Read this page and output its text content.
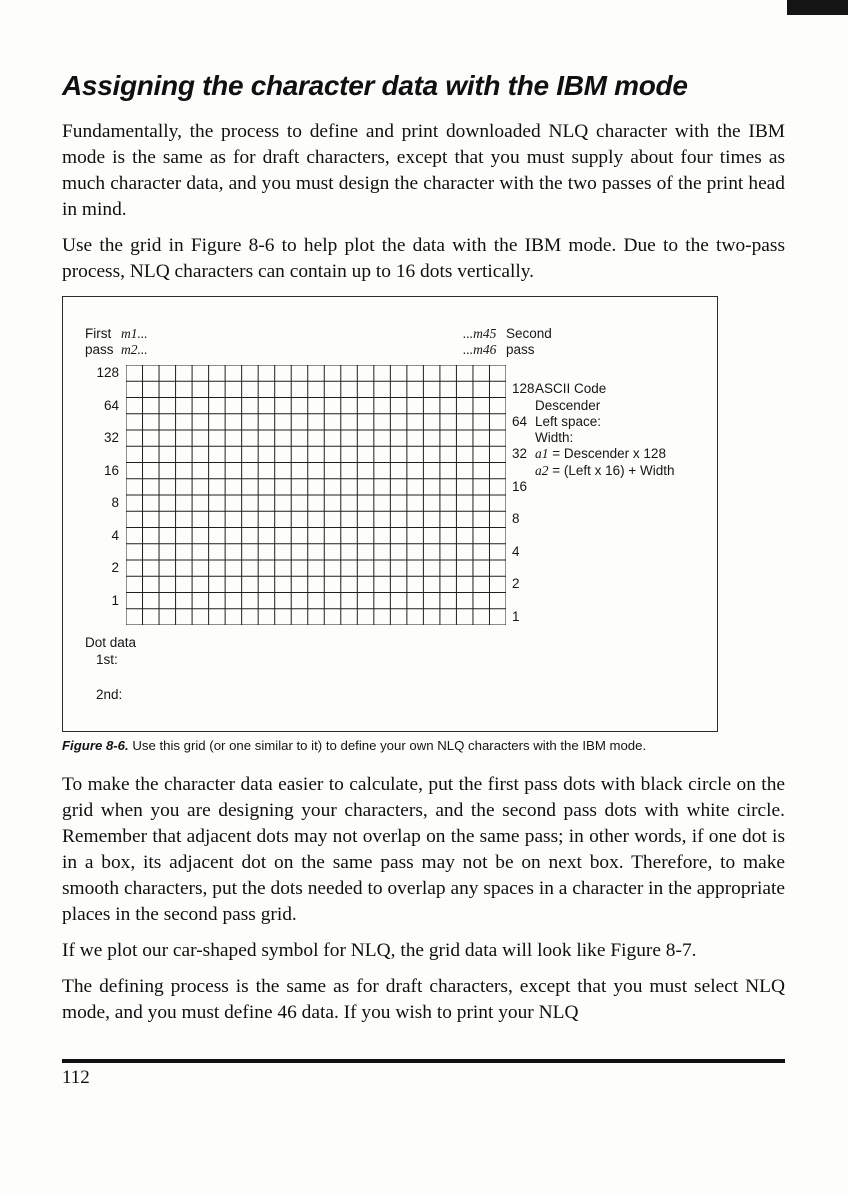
Assigning the character data with the IBM mode

Fundamentally, the process to define and print downloaded NLQ character with the IBM mode is the same as for draft characters, except that you must supply about four times as much character data, and you must design the character with the two passes of the print head in mind.

Use the grid in Figure 8-6 to help plot the data with the IBM mode. Due to the two-pass process, NLQ characters can contain up to 16 dots vertically.

First m1...
pass m2...
...m45 Second
...m46 pass
Dot data
1st:
2nd:
128
64
32
16
8
4
2
1
128
64
32
16
8
4
2
1
ASCII Code
Descender
Left space:
Width:
a1 = Descender x 128
a2 = (Left x 16) + Width

Figure 8-6. Use this grid (or one similar to it) to define your own NLQ characters with the IBM mode.

To make the character data easier to calculate, put the first pass dots with black circle on the grid when you are designing your characters, and the second pass dots with white circle. Remember that adjacent dots may not overlap on the same pass; in other words, if one dot is in a box, its adjacent dot on the same pass may not be on next box. Therefore, to make smooth characters, put the dots needed to overlap any spaces in a character in the appropriate places in the second pass grid.

If we plot our car-shaped symbol for NLQ, the grid data will look like Figure 8-7.

The defining process is the same as for draft characters, except that you must select NLQ mode, and you must define 46 data. If you wish to print your NLQ

112
